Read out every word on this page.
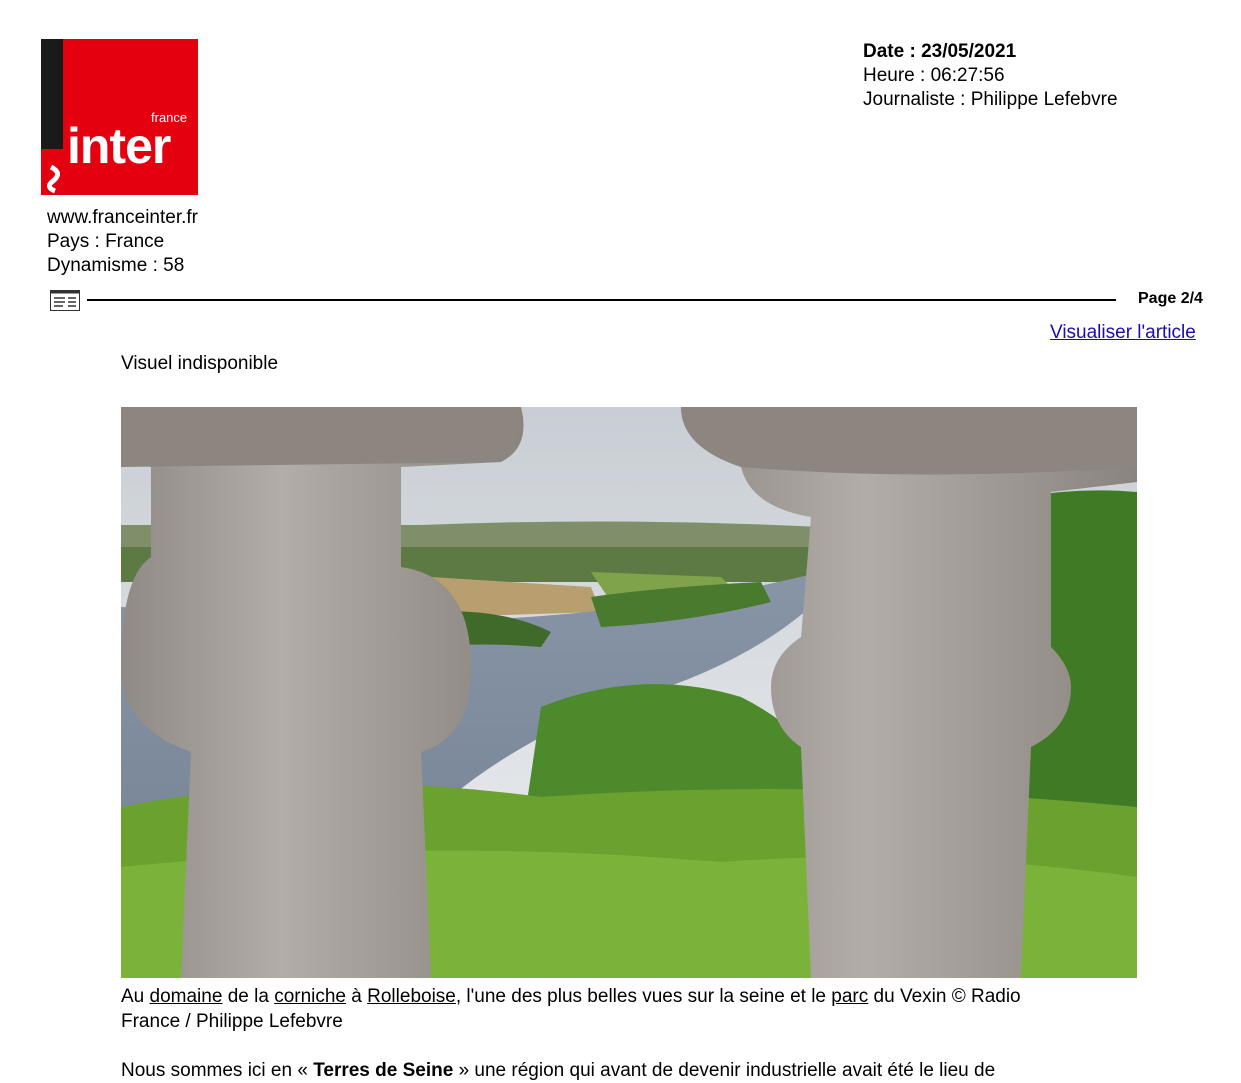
france
inter
www.franceinter.fr
Pays : France
Dynamisme : 58
Date : 23/05/2021
Heure : 06:27:56
Journaliste : Philippe Lefebvre
Page 2/4
Visualiser l'article
Visuel indisponible
Au domaine de la corniche à Rolleboise, l'une des plus belles vues sur la seine et le parc du Vexin © Radio
France / Philippe Lefebvre
Nous sommes ici en « Terres de Seine » une région qui avant de devenir industrielle avait été le lieu de
